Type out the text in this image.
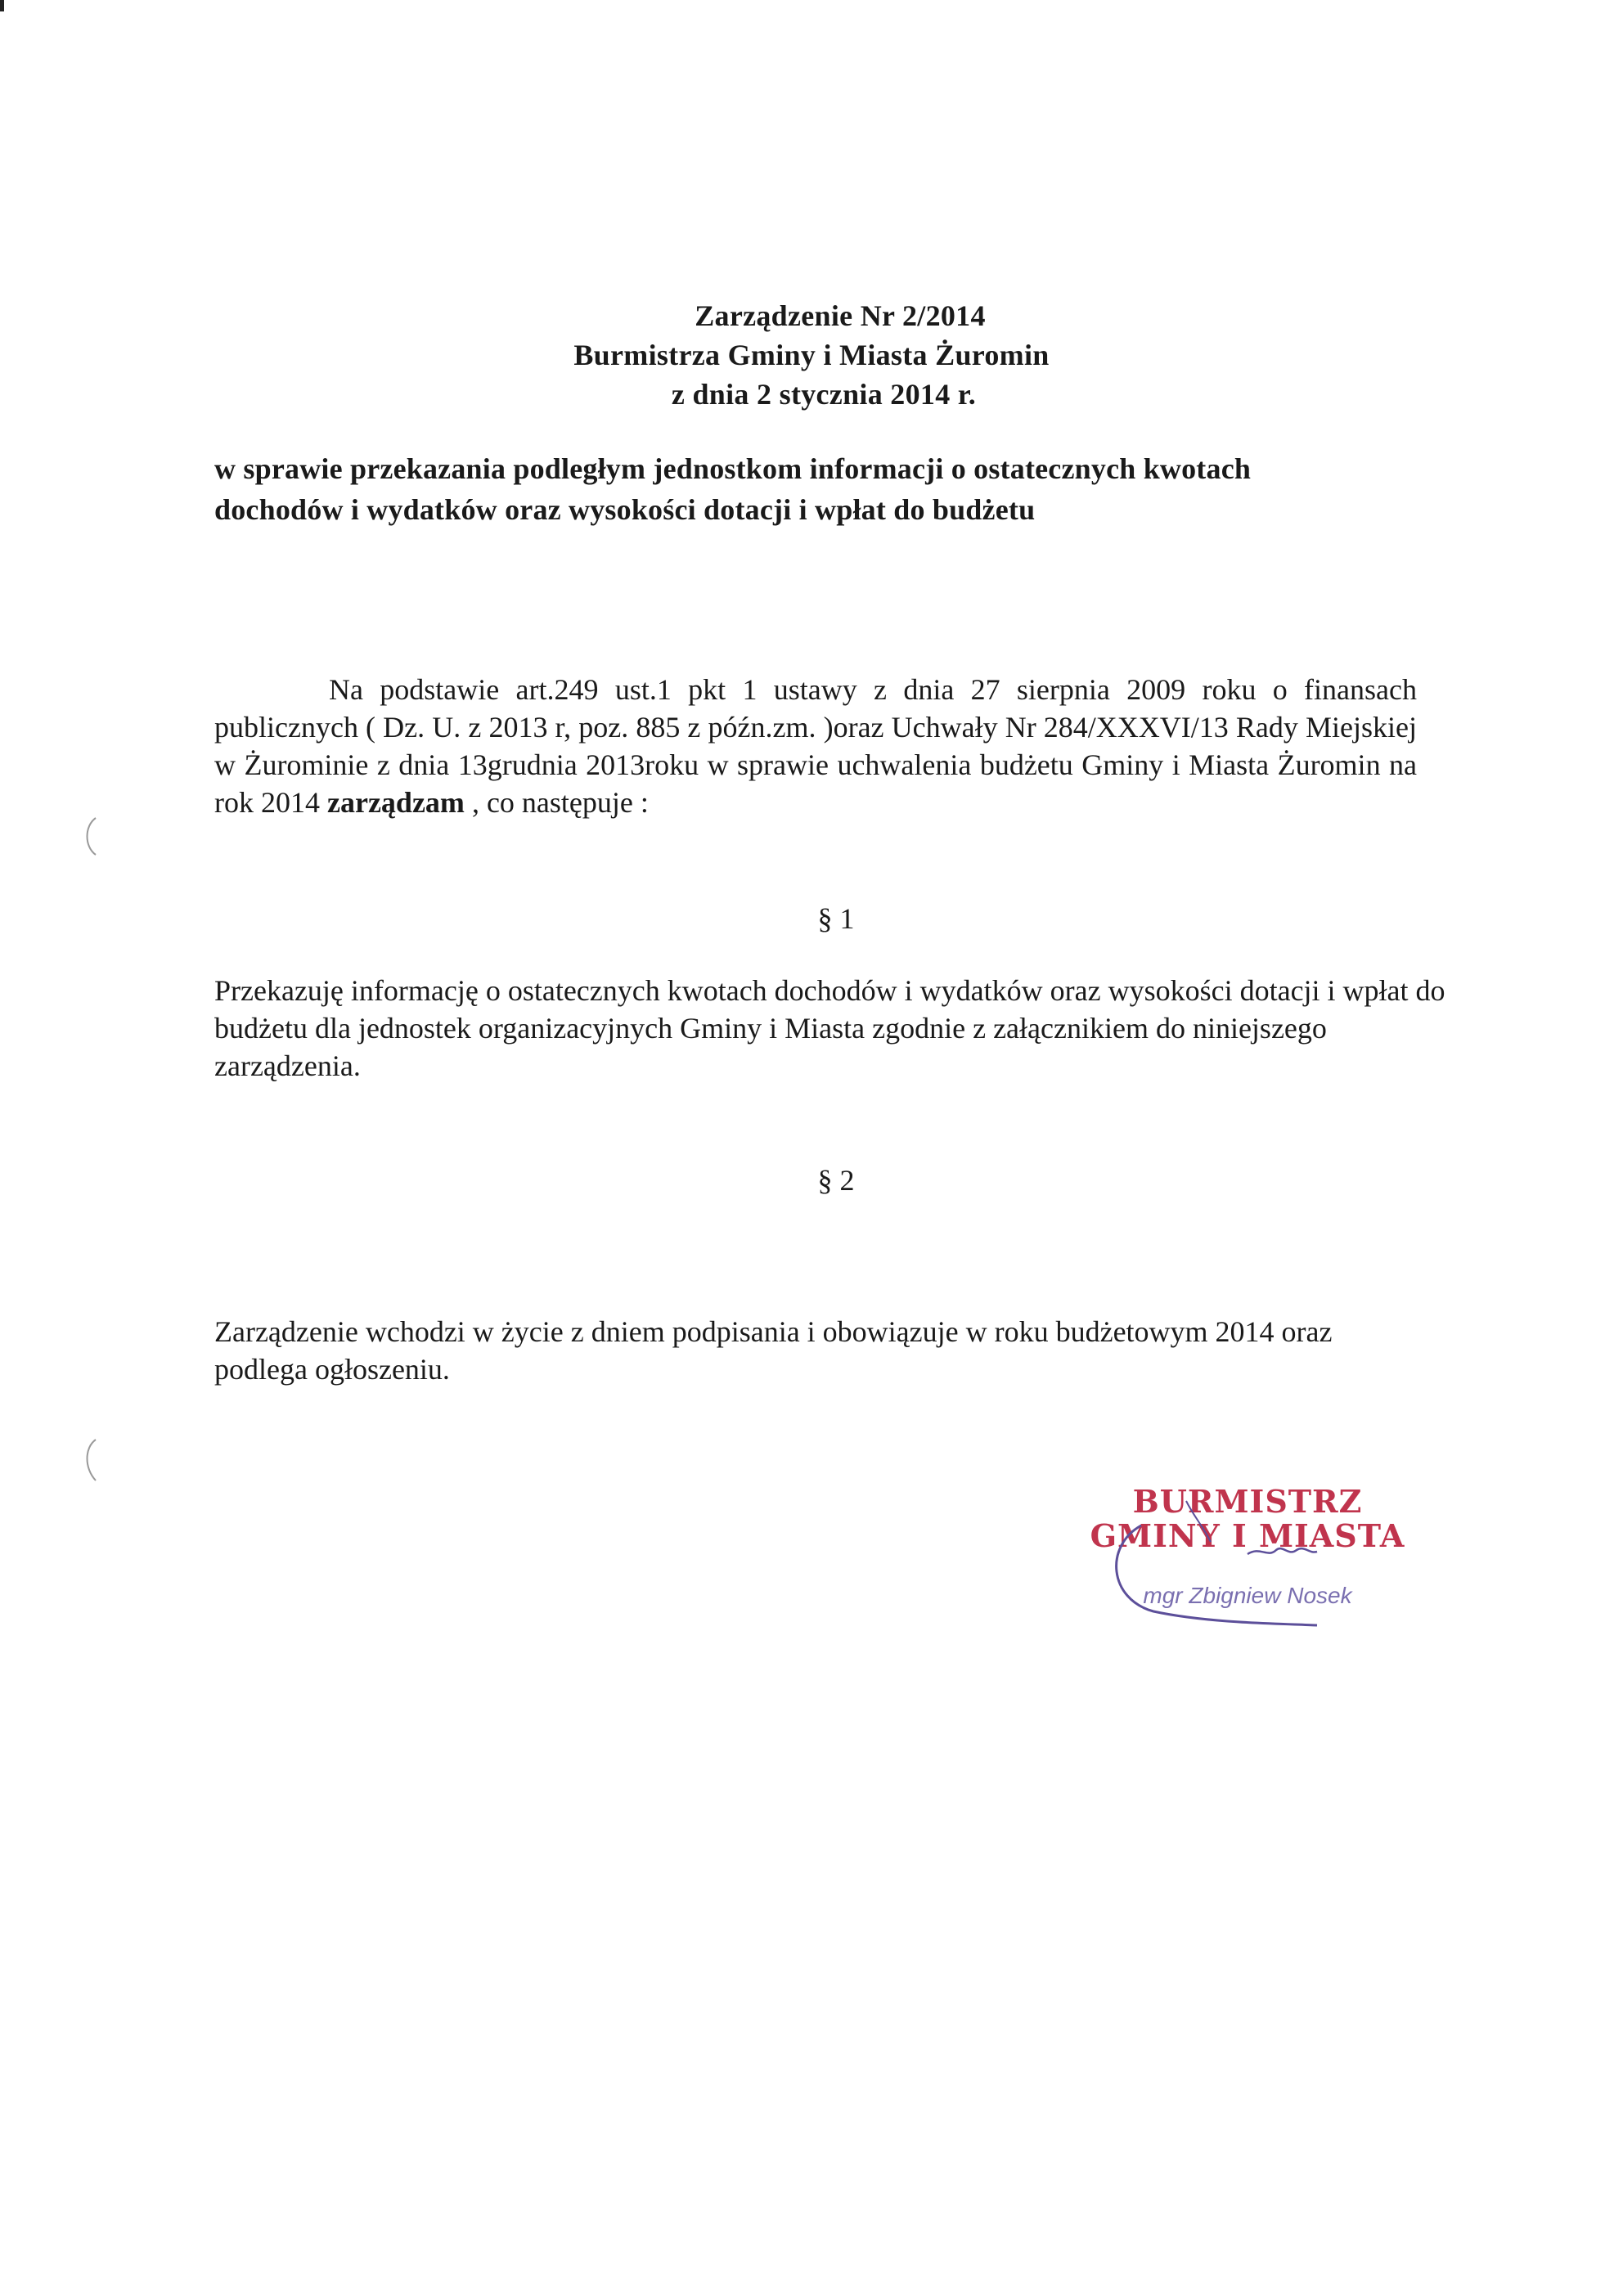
Zarządzenie Nr 2/2014
Burmistrza Gminy i Miasta Żuromin
z dnia 2 stycznia 2014 r.
w sprawie przekazania podległym jednostkom informacji o ostatecznych kwotach
dochodów i wydatków oraz wysokości dotacji i wpłat do budżetu
Na podstawie art.249 ust.1 pkt 1 ustawy z dnia 27 sierpnia 2009 roku o finansach publicznych ( Dz. U. z 2013 r, poz. 885 z późn.zm. )oraz Uchwały Nr 284/XXXVI/13 Rady Miejskiej w Żurominie z dnia 13grudnia 2013roku w sprawie uchwalenia budżetu Gminy i Miasta Żuromin na rok 2014 zarządzam , co następuje :
§ 1
Przekazuję informację o ostatecznych kwotach dochodów i wydatków oraz wysokości dotacji i wpłat do budżetu dla jednostek organizacyjnych Gminy i Miasta zgodnie z załącznikiem do niniejszego zarządzenia.
§ 2
Zarządzenie wchodzi w życie z dniem podpisania i obowiązuje w roku budżetowym 2014 oraz podlega ogłoszeniu.
BURMISTRZ
GMINY I MIASTA
mgr Zbigniew Nosek
